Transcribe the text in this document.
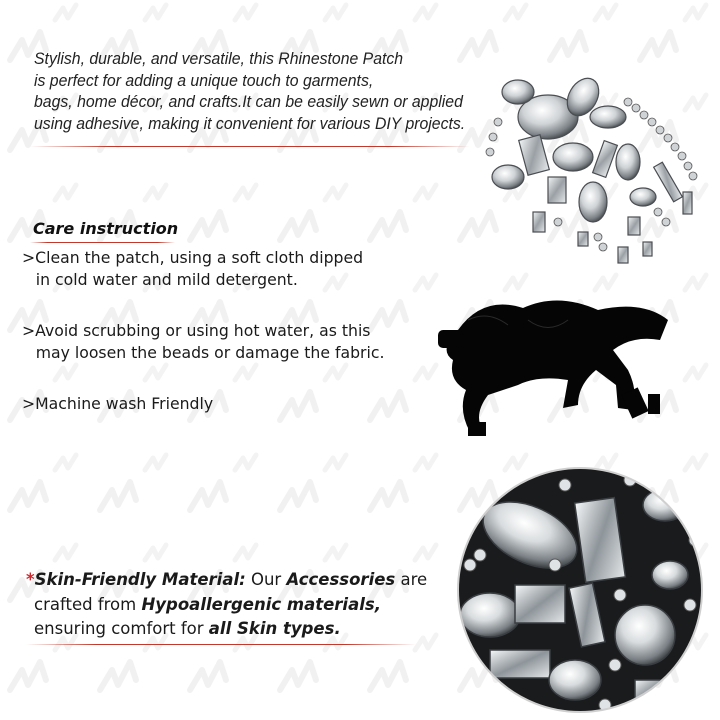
Stylish, durable, and versatile, this Rhinestone Patch
is perfect for adding a unique touch to garments,
bags, home décor, and crafts.It can be easily sewn or applied
using adhesive, making it convenient for various DIY projects.
Care instruction
>Clean the patch, using a soft cloth dipped
in cold water and mild detergent.
>Avoid scrubbing or using hot water, as this
may loosen the beads or damage the fabric.
>Machine wash Friendly
*Skin-Friendly Material: Our Accessories are
crafted from Hypoallergenic materials,
ensuring comfort for all Skin types.
